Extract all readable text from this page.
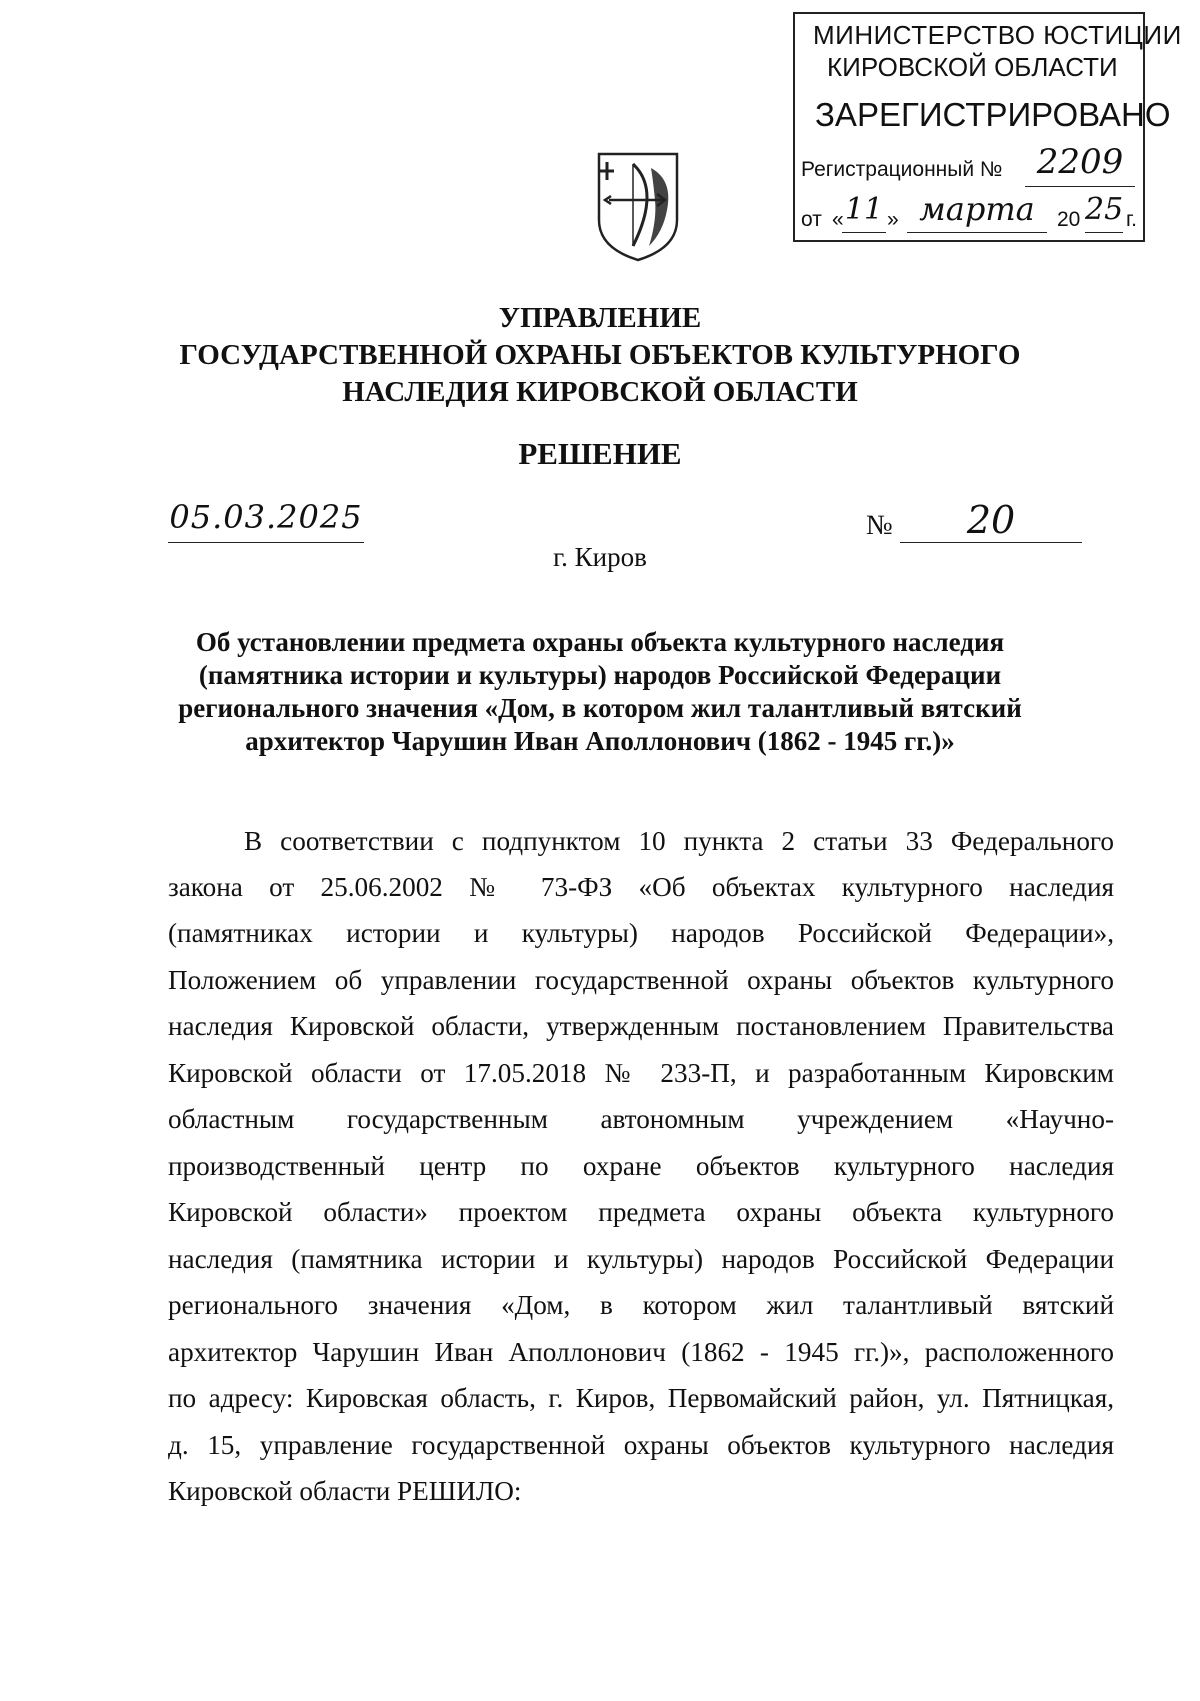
МИНИСТЕРСТВО ЮСТИЦИИ
КИРОВСКОЙ ОБЛАСТИ
ЗАРЕГИСТРИРОВАНО
Регистрационный №	2209
от « 11 » марта	20 25 г.
УПРАВЛЕНИЕ
ГОСУДАРСТВЕННОЙ ОХРАНЫ ОБЪЕКТОВ КУЛЬТУРНОГО
НАСЛЕДИЯ КИРОВСКОЙ ОБЛАСТИ
РЕШЕНИЕ
05.03.2025	№	20
г. Киров
Об установлении предмета охраны объекта культурного наследия
(памятника истории и культуры) народов Российской Федерации
регионального значения «Дом, в котором жил талантливый вятский
архитектор Чарушин Иван Аполлонович (1862 - 1945 гг.)»
В соответствии с подпунктом 10 пункта 2 статьи 33 Федерального
закона от 25.06.2002 № 73-ФЗ «Об объектах культурного наследия
(памятниках истории и культуры) народов Российской Федерации»,
Положением об управлении государственной охраны объектов культурного
наследия Кировской области, утвержденным постановлением Правительства
Кировской области от 17.05.2018 № 233-П, и разработанным Кировским
областным государственным автономным учреждением «Научно-
производственный центр по охране объектов культурного наследия
Кировской области» проектом предмета охраны объекта культурного
наследия (памятника истории и культуры) народов Российской Федерации
регионального значения «Дом, в котором жил талантливый вятский
архитектор Чарушин Иван Аполлонович (1862 - 1945 гг.)», расположенного
по адресу: Кировская область, г. Киров, Первомайский район, ул. Пятницкая,
д. 15, управление государственной охраны объектов культурного наследия
Кировской области РЕШИЛО:
